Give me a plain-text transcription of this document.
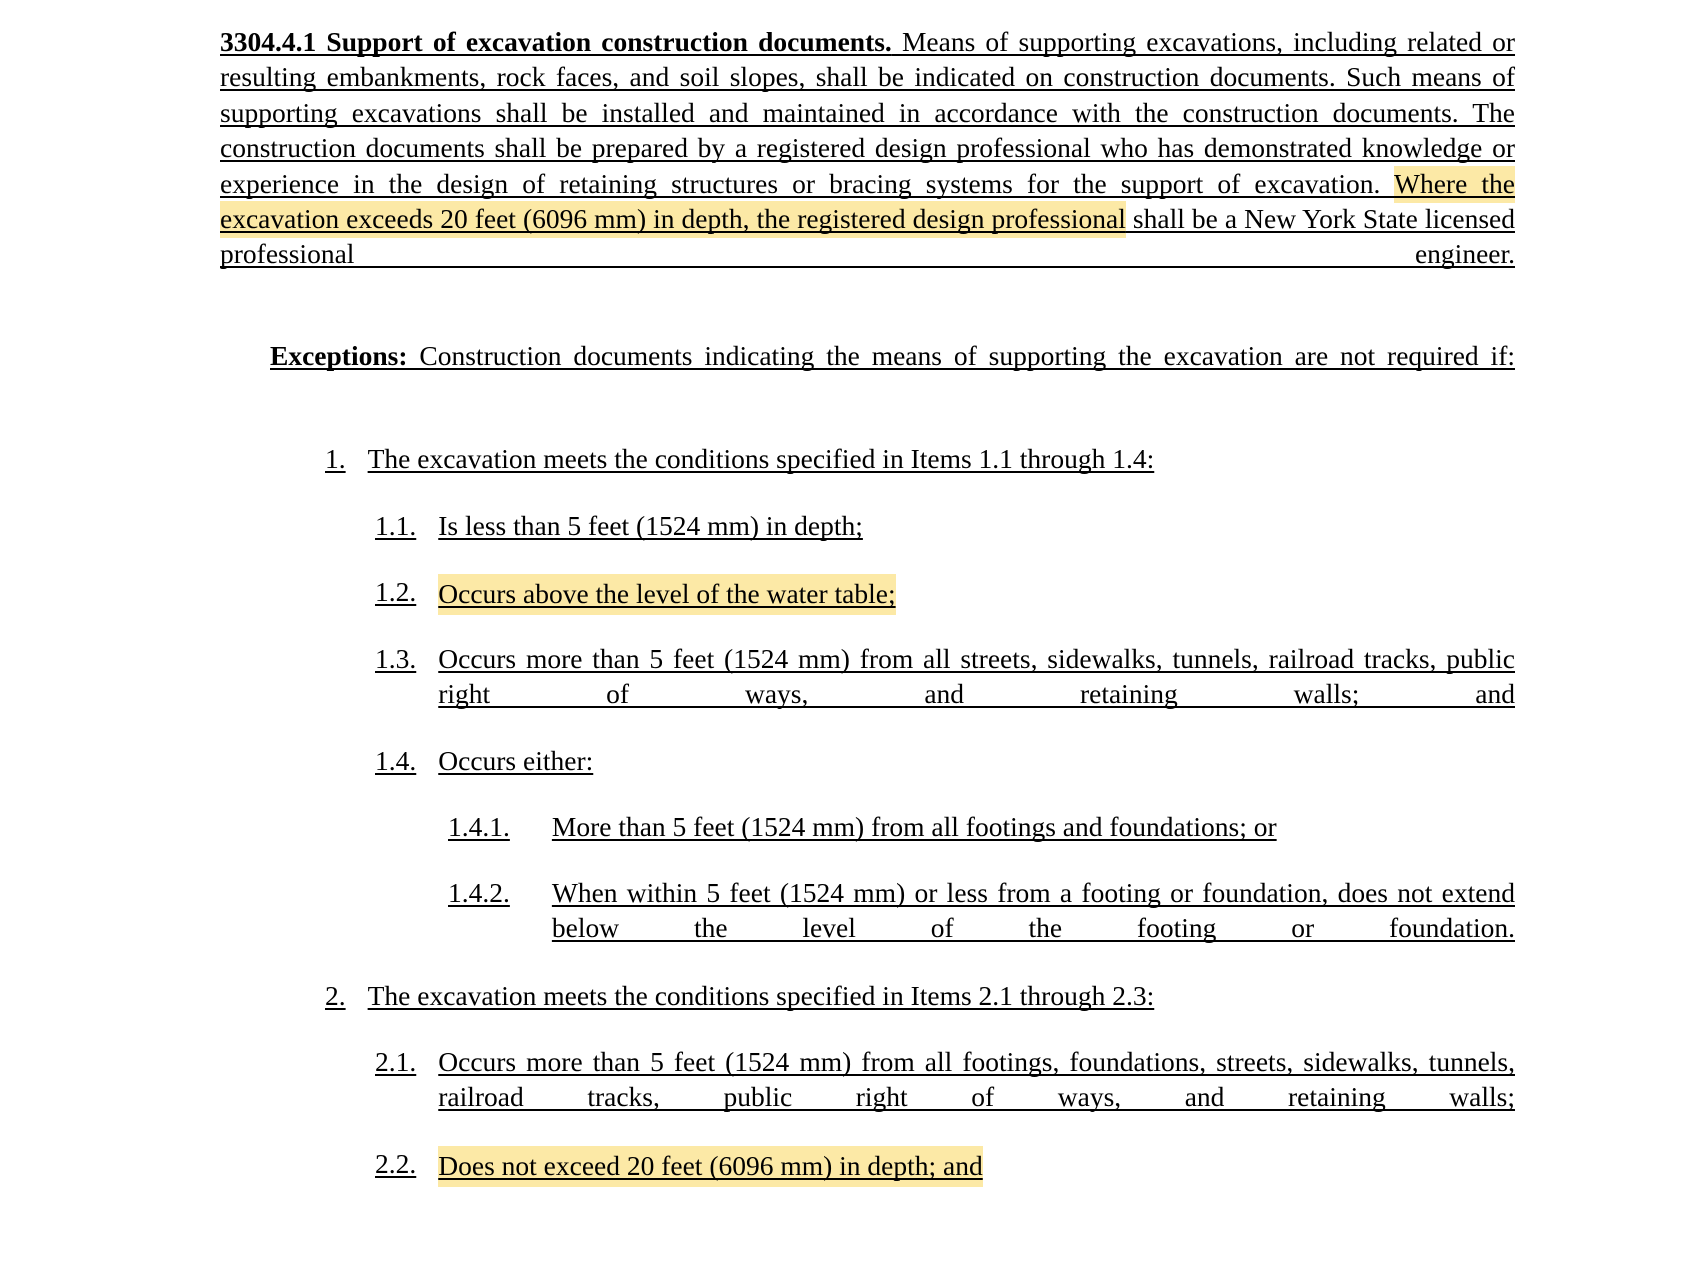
3304.4.1 Support of excavation construction documents. Means of supporting excavations, including related or resulting embankments, rock faces, and soil slopes, shall be indicated on construction documents. Such means of supporting excavations shall be installed and maintained in accordance with the construction documents. The construction documents shall be prepared by a registered design professional who has demonstrated knowledge or experience in the design of retaining structures or bracing systems for the support of excavation. Where the excavation exceeds 20 feet (6096 mm) in depth, the registered design professional shall be a New York State licensed professional engineer.
Exceptions: Construction documents indicating the means of supporting the excavation are not required if:
1. The excavation meets the conditions specified in Items 1.1 through 1.4:
1.1. Is less than 5 feet (1524 mm) in depth;
1.2. Occurs above the level of the water table;
1.3. Occurs more than 5 feet (1524 mm) from all streets, sidewalks, tunnels, railroad tracks, public right of ways, and retaining walls; and
1.4. Occurs either:
1.4.1. More than 5 feet (1524 mm) from all footings and foundations; or
1.4.2. When within 5 feet (1524 mm) or less from a footing or foundation, does not extend below the level of the footing or foundation.
2. The excavation meets the conditions specified in Items 2.1 through 2.3:
2.1. Occurs more than 5 feet (1524 mm) from all footings, foundations, streets, sidewalks, tunnels, railroad tracks, public right of ways, and retaining walls;
2.2. Does not exceed 20 feet (6096 mm) in depth; and
